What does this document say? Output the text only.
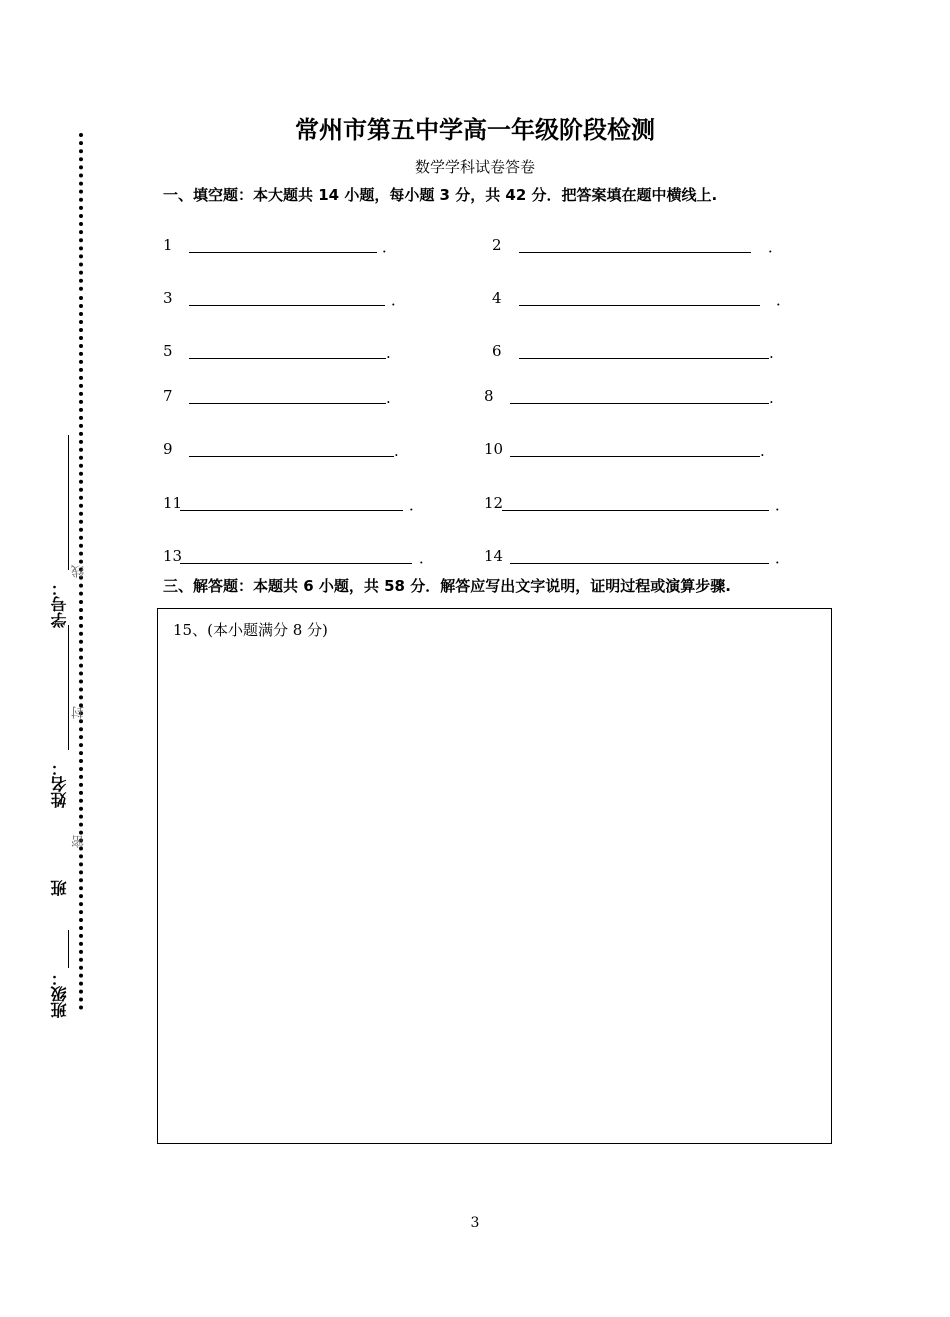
班级：
班
姓名：
学号：
线
封
密
常州市第五中学高一年级阶段检测
数学学科试卷答卷
一、填空题：本大题共 14 小题，每小题 3 分，共 42 分．把答案填在题中横线上.
1	．	2	．
3	．	4	．
5	.	6	.
7	.	8	.
9	.	10	.
11	．	12	．
13	．	14	．
三、解答题：本题共 6 小题，共 58 分．解答应写出文字说明，证明过程或演算步骤.
15、(本小题满分 8 分)
3
